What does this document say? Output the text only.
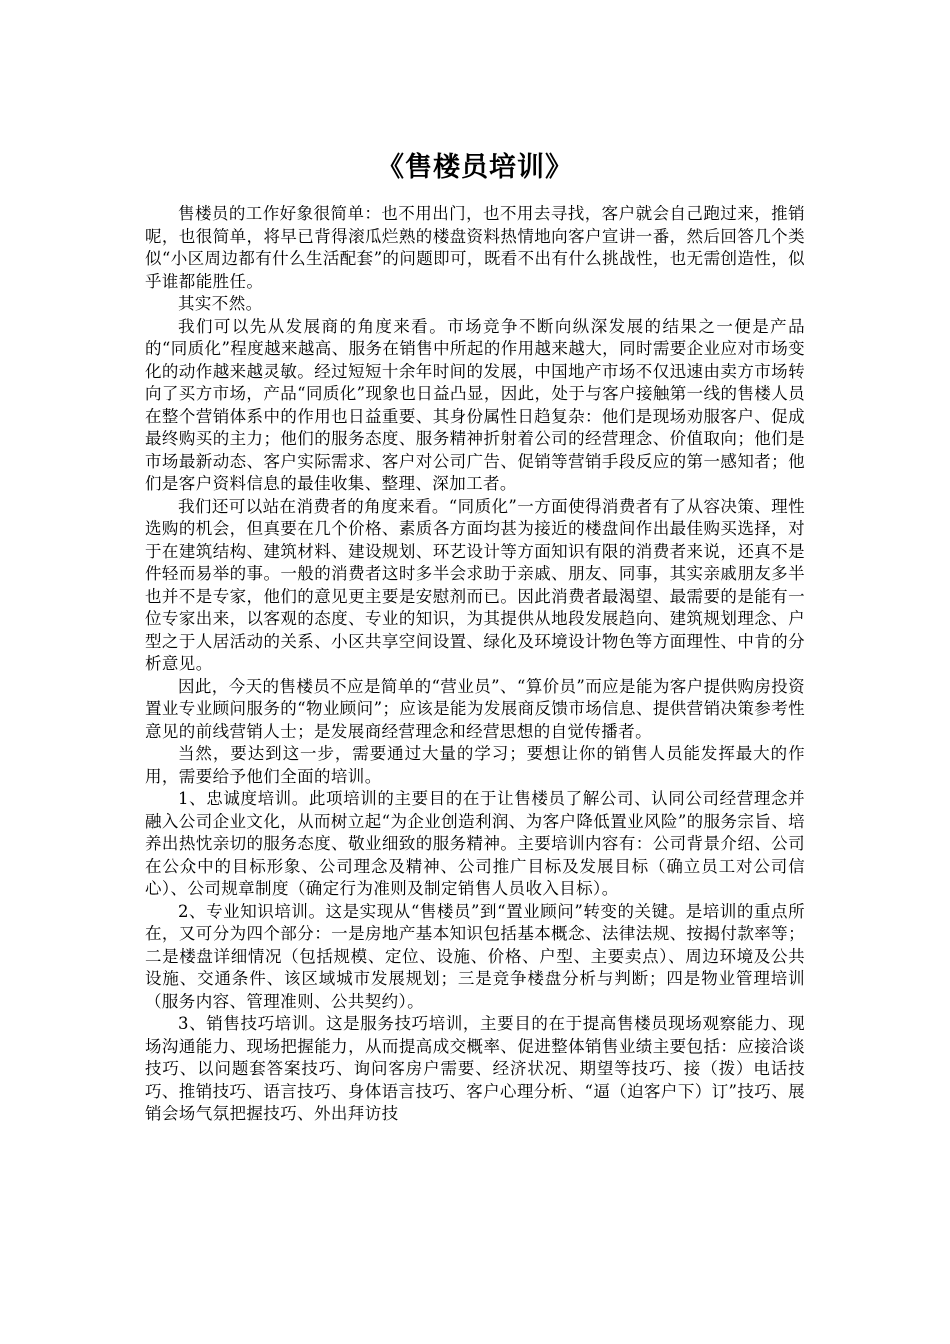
《售楼员培训》

售楼员的工作好象很简单：也不用出门，也不用去寻找，客户就会自己跑过来，推销呢，也很简单，将早已背得滚瓜烂熟的楼盘资料热情地向客户宣讲一番，然后回答几个类似“小区周边都有什么生活配套”的问题即可，既看不出有什么挑战性，也无需创造性，似乎谁都能胜任。

其实不然。

我们可以先从发展商的角度来看。市场竞争不断向纵深发展的结果之一便是产品的“同质化”程度越来越高、服务在销售中所起的作用越来越大，同时需要企业应对市场变化的动作越来越灵敏。经过短短十余年时间的发展，中国地产市场不仅迅速由卖方市场转向了买方市场，产品“同质化”现象也日益凸显，因此，处于与客户接触第一线的售楼人员在整个营销体系中的作用也日益重要、其身份属性日趋复杂：他们是现场劝服客户、促成最终购买的主力；他们的服务态度、服务精神折射着公司的经营理念、价值取向；他们是市场最新动态、客户实际需求、客户对公司广告、促销等营销手段反应的第一感知者；他们是客户资料信息的最佳收集、整理、深加工者。

我们还可以站在消费者的角度来看。“同质化”一方面使得消费者有了从容决策、理性选购的机会，但真要在几个价格、素质各方面均甚为接近的楼盘间作出最佳购买选择，对于在建筑结构、建筑材料、建设规划、环艺设计等方面知识有限的消费者来说，还真不是件轻而易举的事。一般的消费者这时多半会求助于亲戚、朋友、同事，其实亲戚朋友多半也并不是专家，他们的意见更主要是安慰剂而已。因此消费者最渴望、最需要的是能有一位专家出来，以客观的态度、专业的知识，为其提供从地段发展趋向、建筑规划理念、户型之于人居活动的关系、小区共享空间设置、绿化及环境设计物色等方面理性、中肯的分析意见。

因此，今天的售楼员不应是简单的“营业员”、“算价员”而应是能为客户提供购房投资置业专业顾问服务的“物业顾问”；应该是能为发展商反馈市场信息、提供营销决策参考性意见的前线营销人士；是发展商经营理念和经营思想的自觉传播者。

当然，要达到这一步，需要通过大量的学习；要想让你的销售人员能发挥最大的作用，需要给予他们全面的培训。

1、忠诚度培训。此项培训的主要目的在于让售楼员了解公司、认同公司经营理念并融入公司企业文化，从而树立起“为企业创造利润、为客户降低置业风险”的服务宗旨、培养出热忱亲切的服务态度、敬业细致的服务精神。主要培训内容有：公司背景介绍、公司在公众中的目标形象、公司理念及精神、公司推广目标及发展目标（确立员工对公司信心）、公司规章制度（确定行为准则及制定销售人员收入目标）。

2、专业知识培训。这是实现从“售楼员”到“置业顾问”转变的关键。是培训的重点所在，又可分为四个部分：一是房地产基本知识包括基本概念、法律法规、按揭付款率等；二是楼盘详细情况（包括规模、定位、设施、价格、户型、主要卖点）、周边环境及公共设施、交通条件、该区域城市发展规划；三是竞争楼盘分析与判断；四是物业管理培训（服务内容、管理准则、公共契约）。

3、销售技巧培训。这是服务技巧培训，主要目的在于提高售楼员现场观察能力、现场沟通能力、现场把握能力，从而提高成交概率、促进整体销售业绩主要包括：应接洽谈技巧、以问题套答案技巧、询问客房户需要、经济状况、期望等技巧、接（拨）电话技巧、推销技巧、语言技巧、身体语言技巧、客户心理分析、“逼（迫客户下）订”技巧、展销会场气氛把握技巧、外出拜访技
